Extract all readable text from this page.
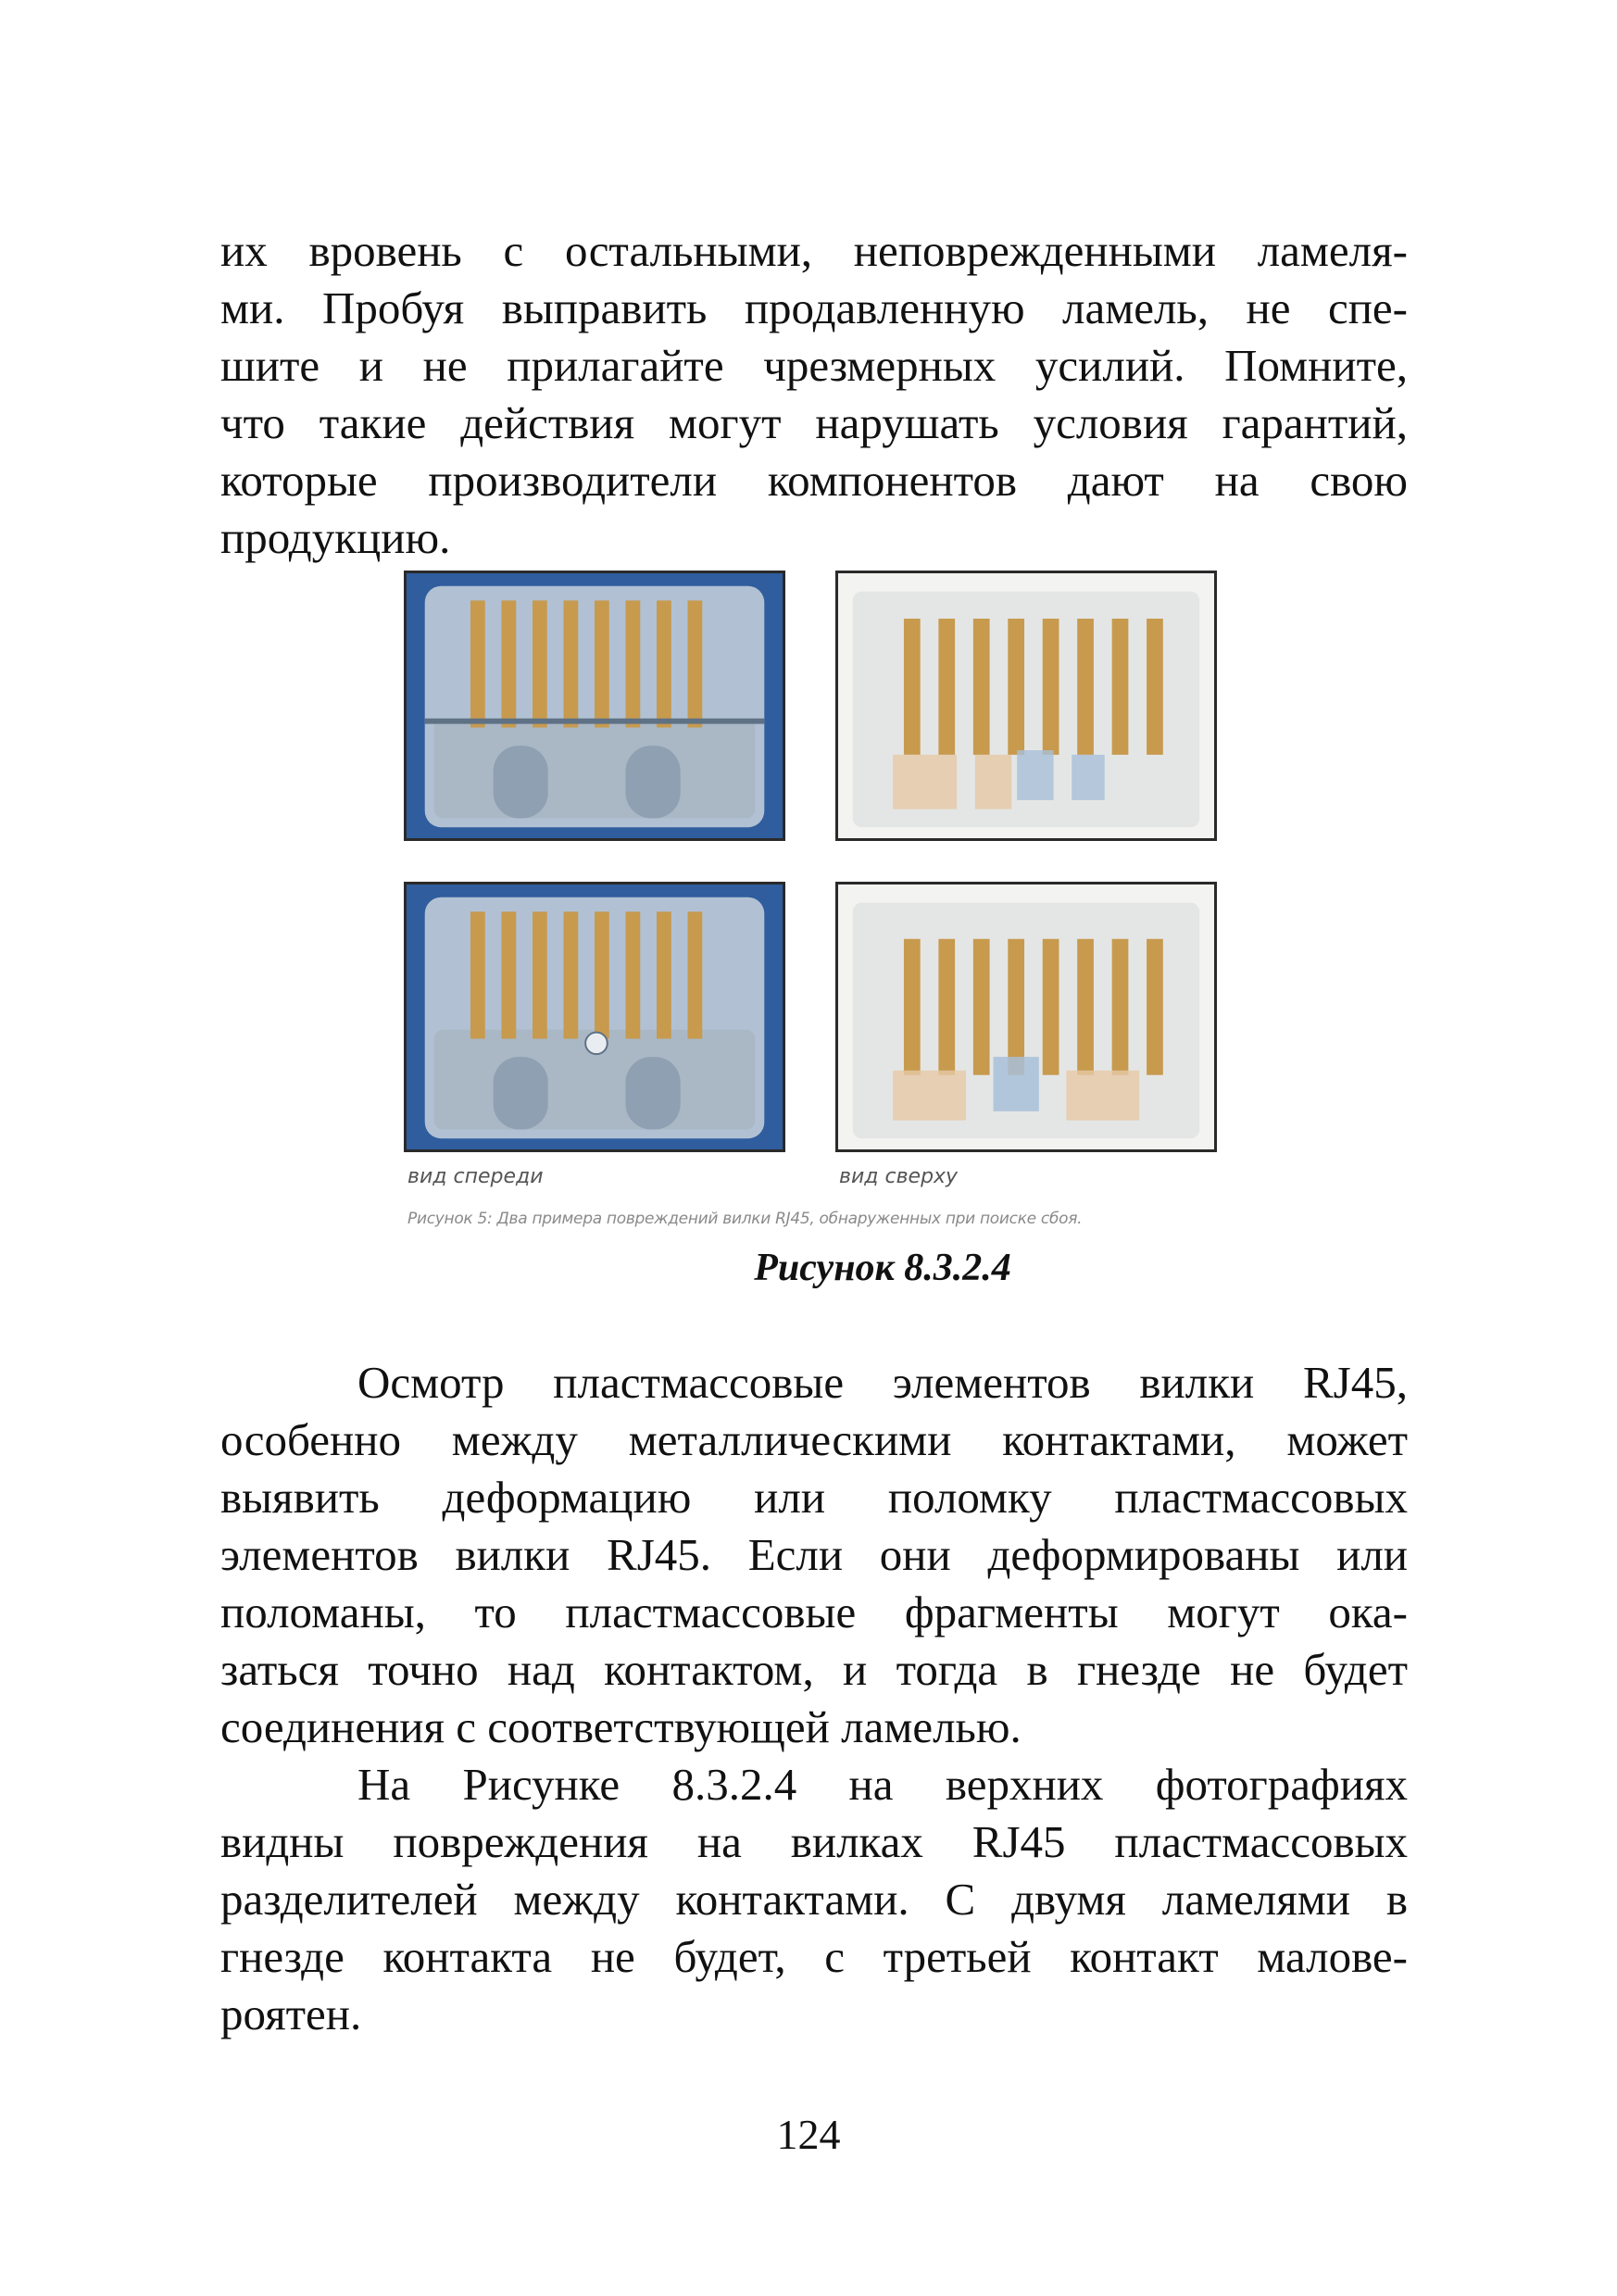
их вровень с остальными, неповрежденными ламеля-
ми. Пробуя выправить продавленную ламель, не спе-
шите и не прилагайте чрезмерных усилий. Помните,
что такие действия могут нарушать условия гарантий,
которые производители компонентов дают на свою
продукцию.
вид спереди	вид сверху
Рисунок 5: Два примера повреждений вилки RJ45, обнаруженных при поиске сбоя.
Рисунок 8.3.2.4
Осмотр пластмассовые элементов вилки RJ45,
особенно между металлическими контактами, может
выявить деформацию или поломку пластмассовых
элементов вилки RJ45. Если они деформированы или
поломаны, то пластмассовые фрагменты могут ока-
заться точно над контактом, и тогда в гнезде не будет
соединения с соответствующей ламелью.
На Рисунке 8.3.2.4 на верхних фотографиях
видны повреждения на вилках RJ45 пластмассовых
разделителей между контактами. С двумя ламелями в
гнезде контакта не будет, с третьей контакт малове-
роятен.
124
